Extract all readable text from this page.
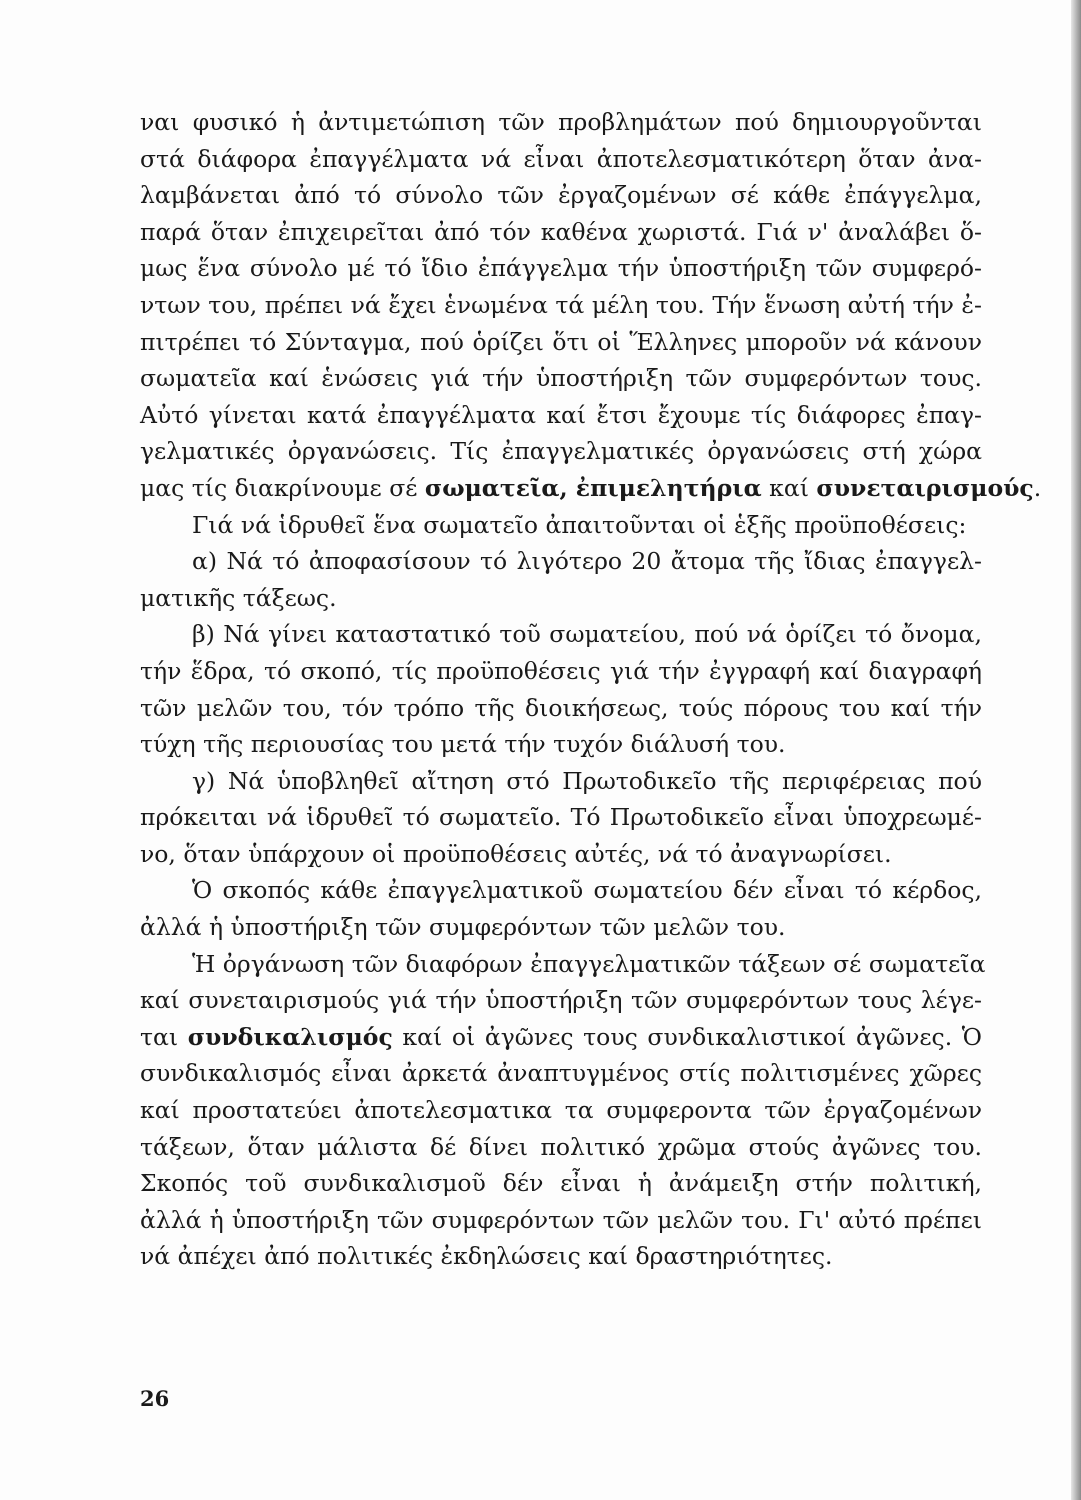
ναι φυσικό ἡ ἀντιμετώπιση τῶν προβλημάτων πού δημιουργοῦνται
στά διάφορα ἐπαγγέλματα νά εἶναι ἀποτελεσματικότερη ὅταν ἀνα-
λαμβάνεται ἀπό τό σύνολο τῶν ἐργαζομένων σέ κάθε ἐπάγγελμα,
παρά ὅταν ἐπιχειρεῖται ἀπό τόν καθένα χωριστά. Γιά ν' ἀναλάβει ὅ-
μως ἕνα σύνολο μέ τό ἴδιο ἐπάγγελμα τήν ὑποστήριξη τῶν συμφερό-
ντων του, πρέπει νά ἔχει ἑνωμένα τά μέλη του. Τήν ἕνωση αὐτή τήν ἐ-
πιτρέπει τό Σύνταγμα, πού ὁρίζει ὅτι οἱ Ἕλληνες μποροῦν νά κάνουν
σωματεῖα καί ἑνώσεις γιά τήν ὑποστήριξη τῶν συμφερόντων τους.
Αὐτό γίνεται κατά ἐπαγγέλματα καί ἔτσι ἔχουμε τίς διάφορες ἐπαγ-
γελματικές ὀργανώσεις. Τίς ἐπαγγελματικές ὀργανώσεις στή χώρα
μας τίς διακρίνουμε σέ σωματεῖα, ἐπιμελητήρια καί συνεταιρισμούς.
Γιά νά ἱδρυθεῖ ἕνα σωματεῖο ἀπαιτοῦνται οἱ ἑξῆς προϋποθέσεις:
α) Νά τό ἀποφασίσουν τό λιγότερο 20 ἄτομα τῆς ἴδιας ἐπαγγελ-
ματικῆς τάξεως.
β) Νά γίνει καταστατικό τοῦ σωματείου, πού νά ὁρίζει τό ὄνομα,
τήν ἕδρα, τό σκοπό, τίς προϋποθέσεις γιά τήν ἐγγραφή καί διαγραφή
τῶν μελῶν του, τόν τρόπο τῆς διοικήσεως, τούς πόρους του καί τήν
τύχη τῆς περιουσίας του μετά τήν τυχόν διάλυσή του.
γ) Νά ὑποβληθεῖ αἴτηση στό Πρωτοδικεῖο τῆς περιφέρειας πού
πρόκειται νά ἱδρυθεῖ τό σωματεῖο. Τό Πρωτοδικεῖο εἶναι ὑποχρεωμέ-
νο, ὅταν ὑπάρχουν οἱ προϋποθέσεις αὐτές, νά τό ἀναγνωρίσει.
Ὁ σκοπός κάθε ἐπαγγελματικοῦ σωματείου δέν εἶναι τό κέρδος,
ἀλλά ἡ ὑποστήριξη τῶν συμφερόντων τῶν μελῶν του.
Ἡ ὀργάνωση τῶν διαφόρων ἐπαγγελματικῶν τάξεων σέ σωματεῖα
καί συνεταιρισμούς γιά τήν ὑποστήριξη τῶν συμφερόντων τους λέγε-
ται συνδικαλισμός καί οἱ ἀγῶνες τους συνδικαλιστικοί ἀγῶνες. Ὁ
συνδικαλισμός εἶναι ἀρκετά ἀναπτυγμένος στίς πολιτισμένες χῶρες
καί προστατεύει ἀποτελεσματικα τα συμφεροντα τῶν ἐργαζομένων
τάξεων, ὅταν μάλιστα δέ δίνει πολιτικό χρῶμα στούς ἀγῶνες του.
Σκοπός τοῦ συνδικαλισμοῦ δέν εἶναι ἡ ἀνάμειξη στήν πολιτική,
ἀλλά ἡ ὑποστήριξη τῶν συμφερόντων τῶν μελῶν του. Γι' αὐτό πρέπει
νά ἀπέχει ἀπό πολιτικές ἐκδηλώσεις καί δραστηριότητες.
26
